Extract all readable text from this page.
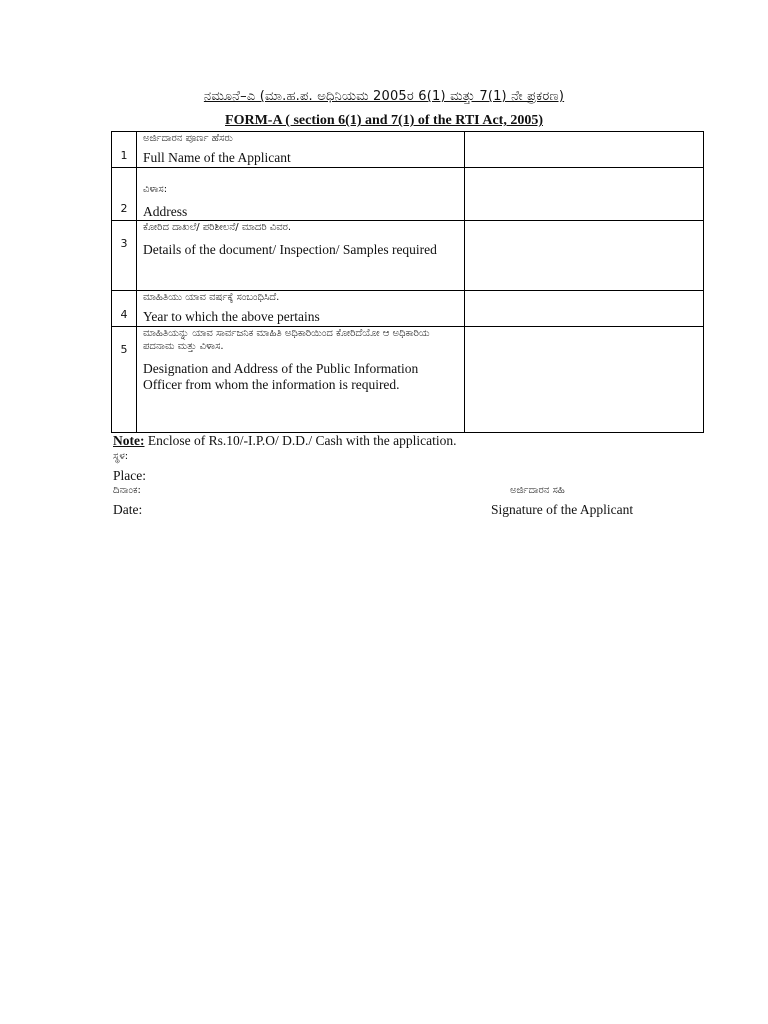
ನಮೂನೆ–ಎ (ಮಾ.ಹ.ಪ. ಅಧಿನಿಯಮ 2005ರ 6(1) ಮತ್ತು 7(1) ನೇ ಪ್ರಕರಣ)
FORM-A ( section 6(1) and 7(1) of the RTI Act, 2005)
1	ಅರ್ಜಿದಾರನ ಪೂರ್ಣ ಹೆಸರು

Full Name of the Applicant	

2	ವಿಳಾಸ:

Address	

3	ಕೋರಿದ ದಾಖಲೆ/ ಪರಿಶೀಲನೆ/ ಮಾದರಿ ವಿವರ.

Details of the document/ Inspection/ Samples required	

4	ಮಾಹಿತಿಯು ಯಾವ ವರ್ಷಕ್ಕೆ ಸಂಬಂಧಿಸಿದೆ.

Year to which the above pertains	

5	ಮಾಹಿತಿಯನ್ನು ಯಾವ ಸಾರ್ವಜನಿಕ ಮಾಹಿತಿ ಅಧಿಕಾರಿಯಿಂದ ಕೋರಿದೆಯೋ ಆ ಅಧಿಕಾರಿಯ ಪದನಾಮ ಮತ್ತು ವಿಳಾಸ.

Designation and Address of the Public Information Officer from whom the information is required.	

Note: Enclose of Rs.10/-I.P.O/ D.D./ Cash with the application.
ಸ್ಥಳ:
Place:
ದಿನಾಂಕ:
Date:
ಅರ್ಜಿದಾರನ ಸಹಿ
Signature of the Applicant
